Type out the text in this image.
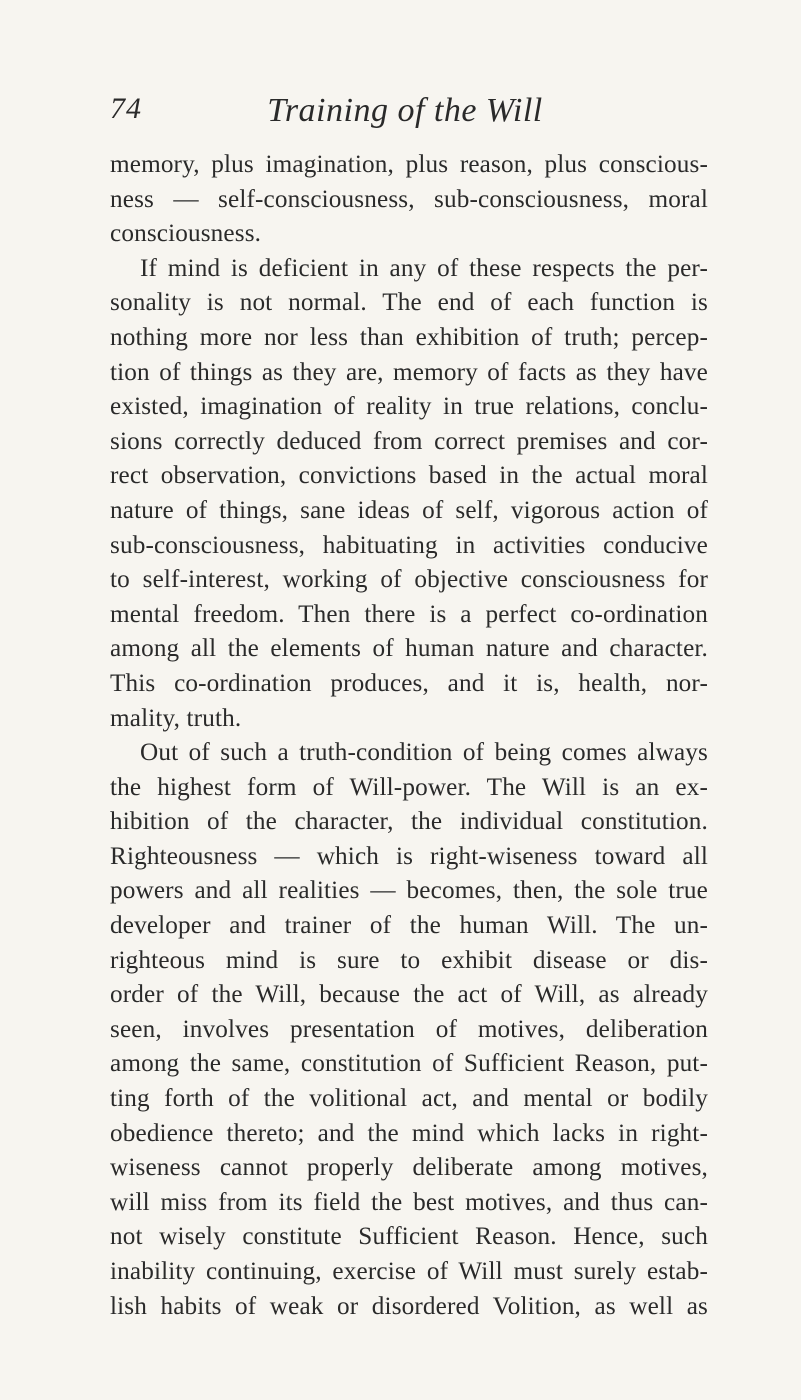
74	Training of the Will
memory, plus imagination, plus reason, plus conscious-
ness — self-consciousness, sub-consciousness, moral
consciousness.
If mind is deficient in any of these respects the per-
sonality is not normal. The end of each function is
nothing more nor less than exhibition of truth; percep-
tion of things as they are, memory of facts as they have
existed, imagination of reality in true relations, conclu-
sions correctly deduced from correct premises and cor-
rect observation, convictions based in the actual moral
nature of things, sane ideas of self, vigorous action of
sub-consciousness, habituating in activities conducive
to self-interest, working of objective consciousness for
mental freedom. Then there is a perfect co-ordination
among all the elements of human nature and character.
This co-ordination produces, and it is, health, nor-
mality, truth.
Out of such a truth-condition of being comes always
the highest form of Will-power. The Will is an ex-
hibition of the character, the individual constitution.
Righteousness — which is right-wiseness toward all
powers and all realities — becomes, then, the sole true
developer and trainer of the human Will. The un-
righteous mind is sure to exhibit disease or dis-
order of the Will, because the act of Will, as already
seen, involves presentation of motives, deliberation
among the same, constitution of Sufficient Reason, put-
ting forth of the volitional act, and mental or bodily
obedience thereto; and the mind which lacks in right-
wiseness cannot properly deliberate among motives,
will miss from its field the best motives, and thus can-
not wisely constitute Sufficient Reason. Hence, such
inability continuing, exercise of Will must surely estab-
lish habits of weak or disordered Volition, as well as
